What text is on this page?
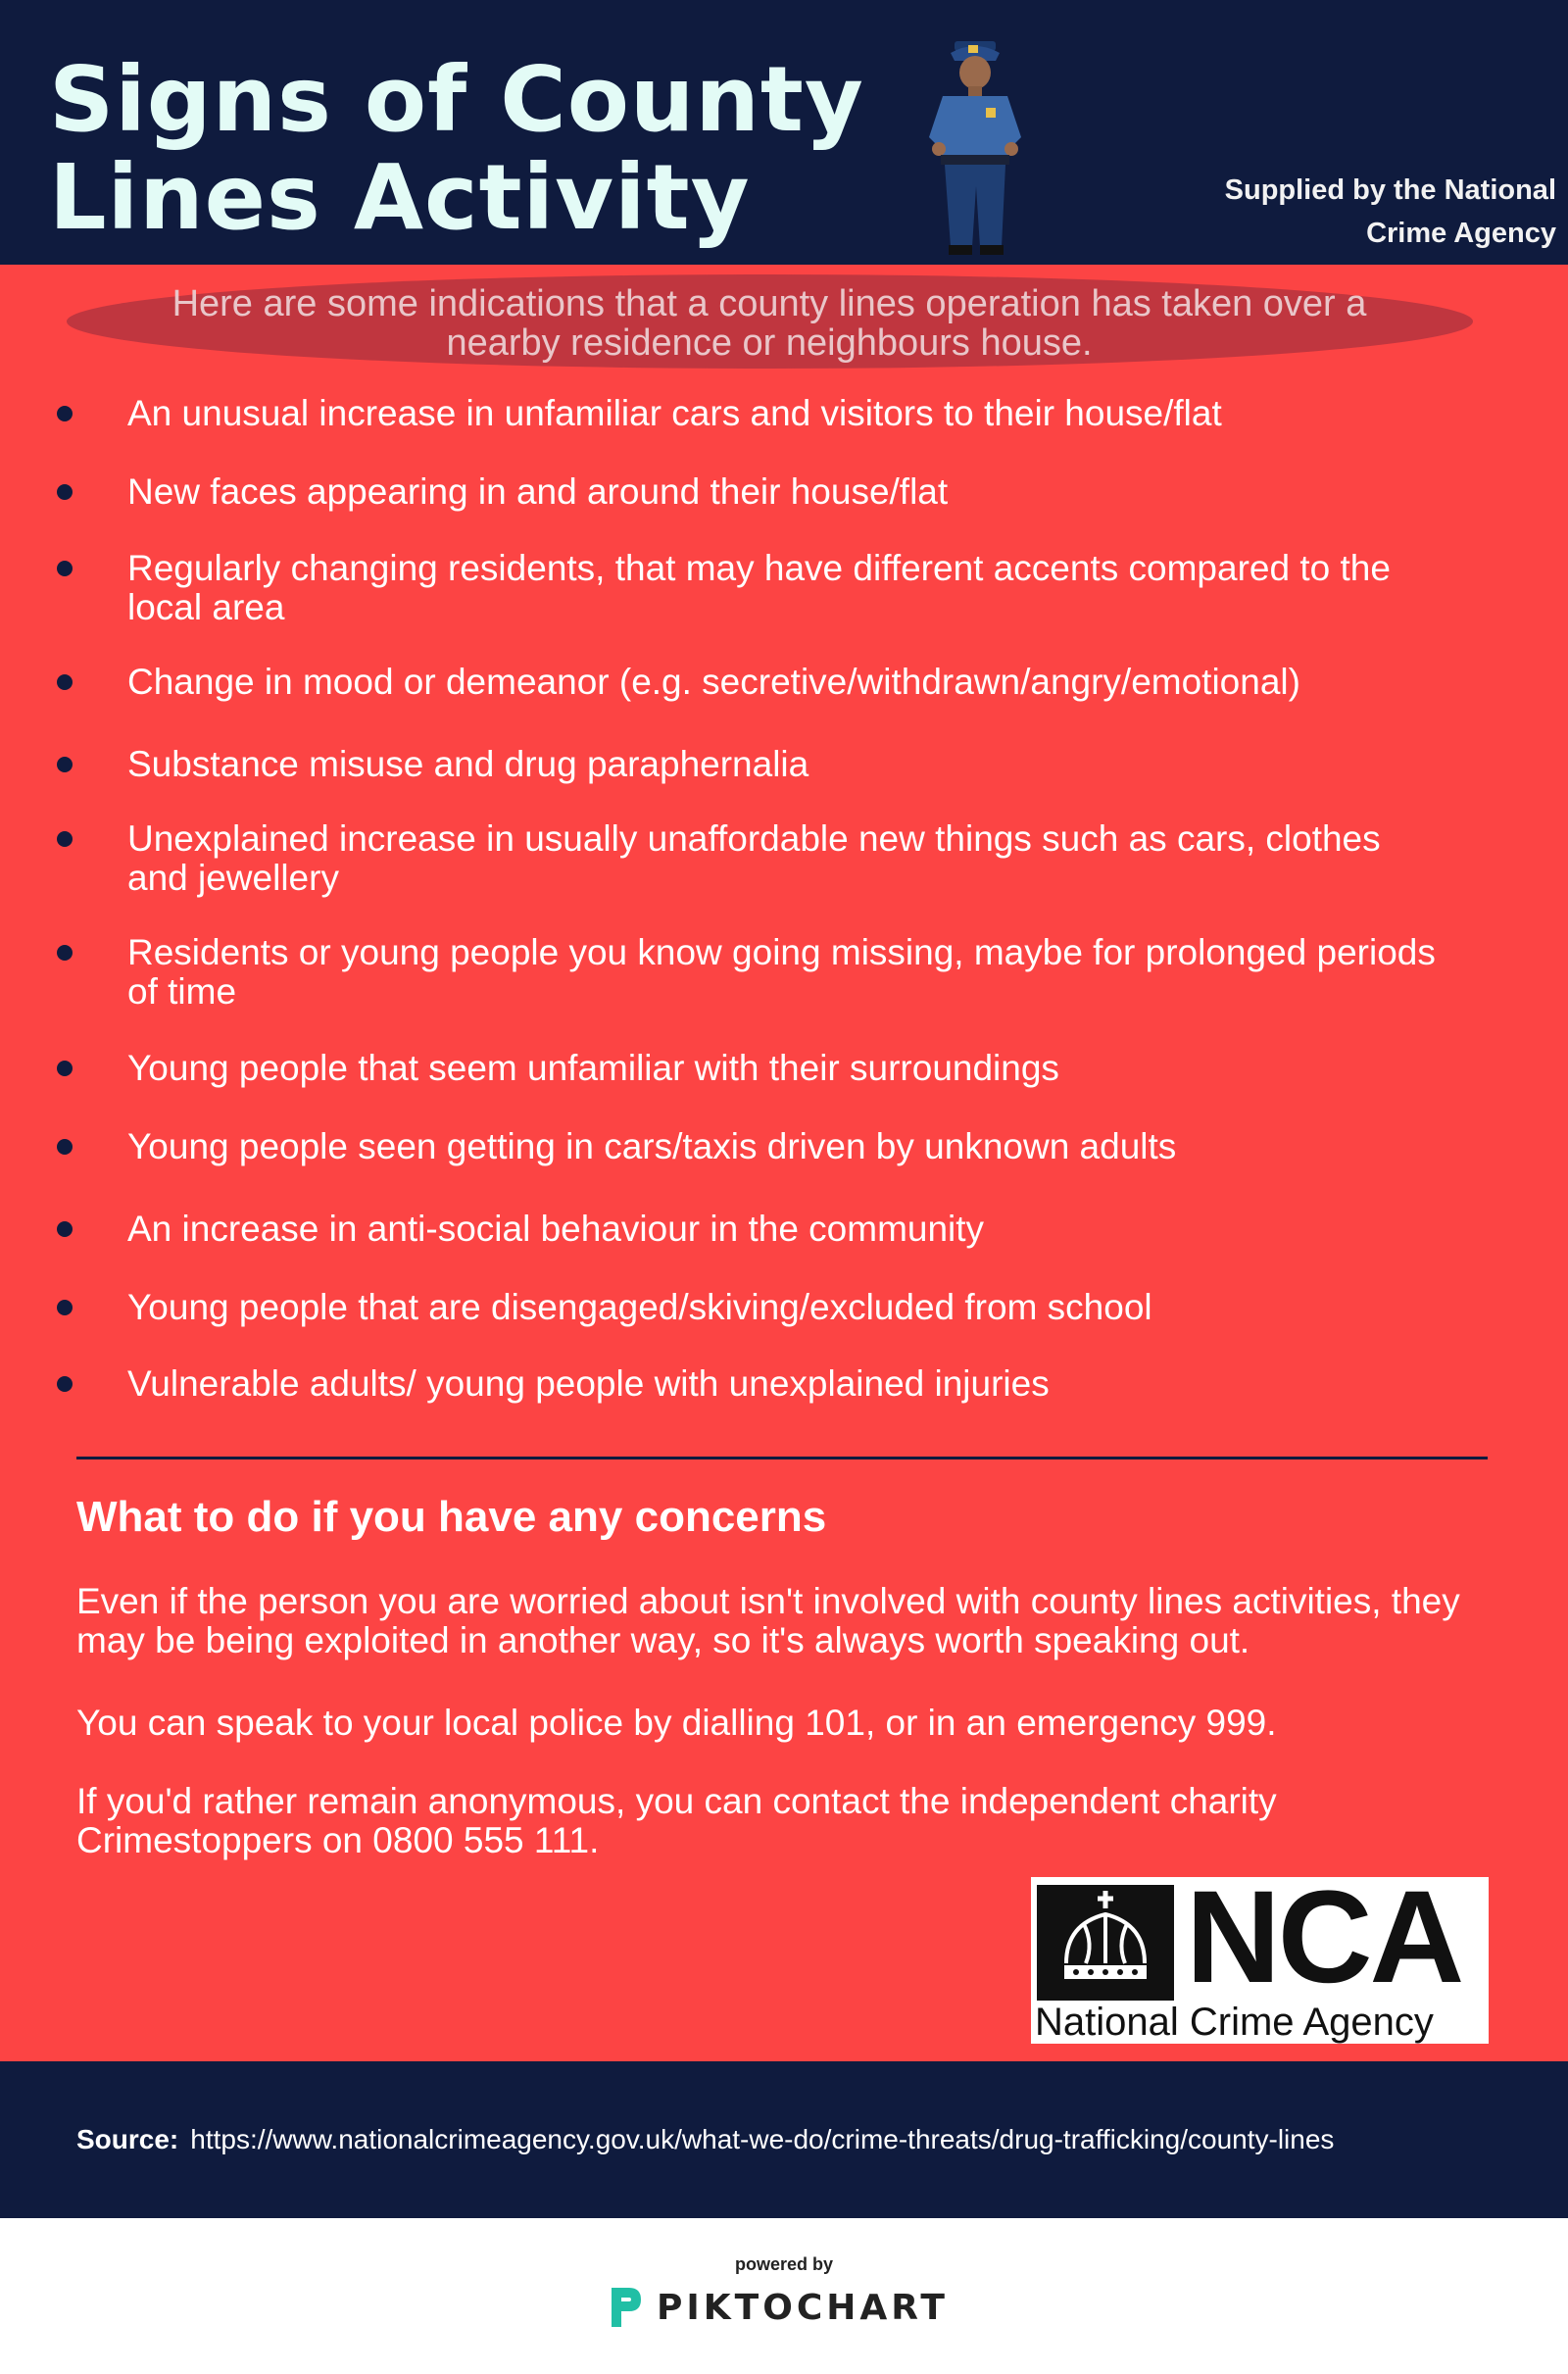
Signs of County
Lines Activity	Supplied by the National
Crime Agency
Here are some indications that a county lines operation has taken over a nearby residence or neighbours house.
An unusual increase in unfamiliar cars and visitors to their house/flat
New faces appearing in and around their house/flat
Regularly changing residents, that may have different accents compared to the local area
Change in mood or demeanor (e.g. secretive/withdrawn/angry/emotional)
Substance misuse and drug paraphernalia
Unexplained increase in usually unaffordable new things such as cars, clothes and jewellery
Residents or young people you know going missing, maybe for prolonged periods of time
Young people that seem unfamiliar with their surroundings
Young people seen getting in cars/taxis driven by unknown adults
An increase in anti-social behaviour in the community
Young people that are disengaged/skiving/excluded from school
Vulnerable adults/ young people with unexplained injuries
What to do if you have any concerns

Even if the person you are worried about isn't involved with county lines activities, they may be being exploited in another way, so it's always worth speaking out.

You can speak to your local police by dialling 101, or in an emergency 999.

If you'd rather remain anonymous, you can contact the independent charity Crimestoppers on 0800 555 111.

NCA
National Crime Agency
Source: https://www.nationalcrimeagency.gov.uk/what-we-do/crime-threats/drug-trafficking/county-lines
powered by
PIKTOCHART
